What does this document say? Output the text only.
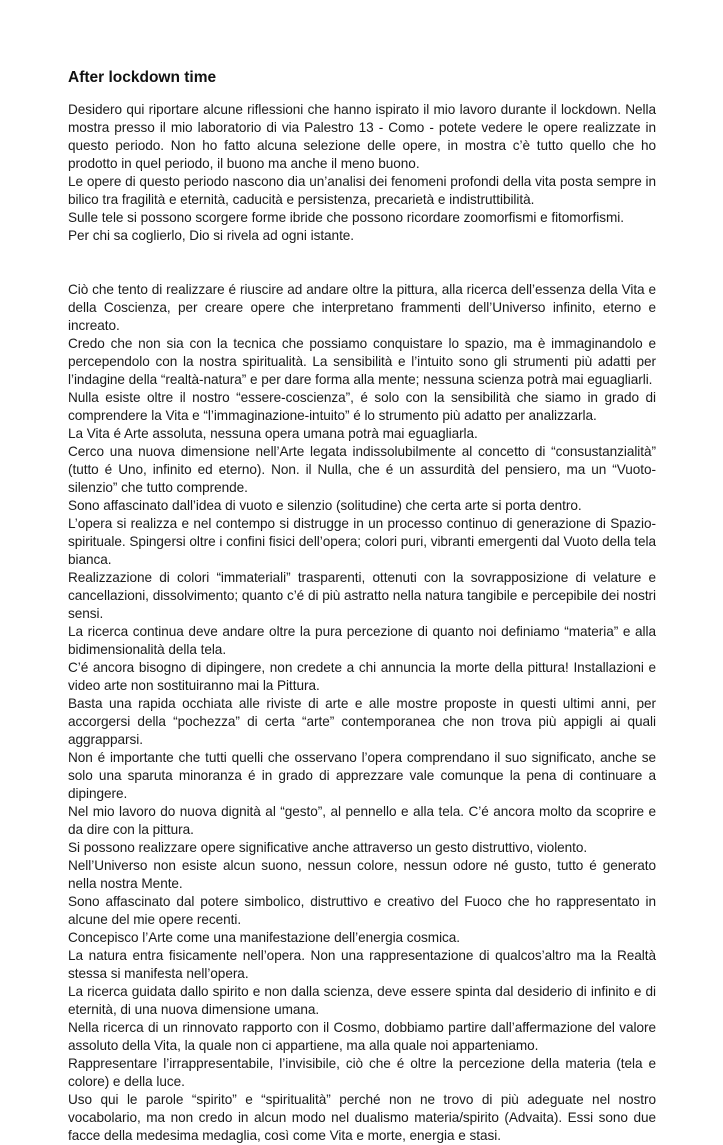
After lockdown time

Desidero qui riportare alcune riflessioni che hanno ispirato il mio lavoro durante il lockdown. Nella mostra presso il mio laboratorio di via Palestro 13 - Como - potete vedere le opere realizzate in questo periodo. Non ho fatto alcuna selezione delle opere, in mostra c’è tutto quello che ho prodotto in quel periodo, il buono ma anche il meno buono.

Le opere di questo periodo nascono dia un’analisi dei fenomeni profondi della vita posta sempre in bilico tra fragilità e eternità, caducità e persistenza, precarietà e indistruttibilità.

Sulle tele si possono scorgere forme ibride che possono ricordare zoomorfismi e fitomorfismi.

Per chi sa coglierlo, Dio si rivela ad ogni istante.

Ciò che tento di realizzare é riuscire ad andare oltre la pittura, alla ricerca dell’essenza della Vita e della Coscienza, per creare opere che interpretano frammenti dell’Universo infinito, eterno e increato.

Credo che non sia con la tecnica che possiamo conquistare lo spazio, ma è immaginandolo e percependolo con la nostra spiritualità. La sensibilità e l’intuito sono gli strumenti più adatti per l’indagine della “realtà-natura” e per dare forma alla mente; nessuna scienza potrà mai eguagliarli.

Nulla esiste oltre il nostro “essere-coscienza”, é solo con la sensibilità che siamo in grado di comprendere la Vita e “l’immaginazione-intuito” é lo strumento più adatto per analizzarla.

La Vita é Arte assoluta, nessuna opera umana potrà mai eguagliarla.

Cerco una nuova dimensione nell’Arte legata indissolubilmente al concetto di “consustanzialità” (tutto é Uno, infinito ed eterno). Non. il Nulla, che é un assurdità del pensiero, ma un “Vuoto-silenzio” che tutto comprende.

Sono affascinato dall’idea di vuoto e silenzio (solitudine) che certa arte si porta dentro.

L’opera si realizza e nel contempo si distrugge in un processo continuo di generazione di Spazio-spirituale. Spingersi oltre i confini fisici dell’opera; colori puri, vibranti emergenti dal Vuoto della tela bianca.

Realizzazione di colori “immateriali” trasparenti, ottenuti con la sovrapposizione di velature e cancellazioni, dissolvimento; quanto c’é di più astratto nella natura tangibile e percepibile dei nostri sensi.

La ricerca continua deve andare oltre la pura percezione di quanto noi definiamo “materia” e alla bidimensionalità della tela.

C’é ancora bisogno di dipingere, non credete a chi annuncia la morte della pittura! Installazioni e video arte non sostituiranno mai la Pittura.

Basta una rapida occhiata alle riviste di arte e alle mostre proposte in questi ultimi anni, per accorgersi della “pochezza” di certa “arte” contemporanea che non trova più appigli ai quali aggrapparsi.

Non é importante che tutti quelli che osservano l’opera comprendano il suo significato, anche se solo una sparuta minoranza é in grado di apprezzare vale comunque la pena di continuare a dipingere.

Nel mio lavoro do nuova dignità al “gesto”, al pennello e alla tela. C’é ancora molto da scoprire e da dire con la pittura.

Si possono realizzare opere significative anche attraverso un gesto distruttivo, violento.

Nell’Universo non esiste alcun suono, nessun colore, nessun odore né gusto, tutto é generato nella nostra Mente.

Sono affascinato dal potere simbolico, distruttivo e creativo del Fuoco che ho rappresentato in alcune del mie opere recenti.

Concepisco l’Arte come una manifestazione dell’energia cosmica.

La natura entra fisicamente nell’opera. Non una rappresentazione di qualcos’altro ma la Realtà stessa si manifesta nell’opera.

La ricerca guidata dallo spirito e non dalla scienza, deve essere spinta dal desiderio di infinito e di eternità, di una nuova dimensione umana.

Nella ricerca di un rinnovato rapporto con il Cosmo, dobbiamo partire dall’affermazione del valore assoluto della Vita, la quale non ci appartiene, ma alla quale noi apparteniamo.

Rappresentare l’irrappresentabile, l’invisibile, ciò che é oltre la percezione della materia (tela e colore) e della luce.

Uso qui le parole “spirito” e “spiritualità” perché non ne trovo di più adeguate nel nostro vocabolario, ma non credo in alcun modo nel dualismo materia/spirito (Advaita). Essi sono due facce della medesima medaglia, così come Vita e morte, energia e stasi.
